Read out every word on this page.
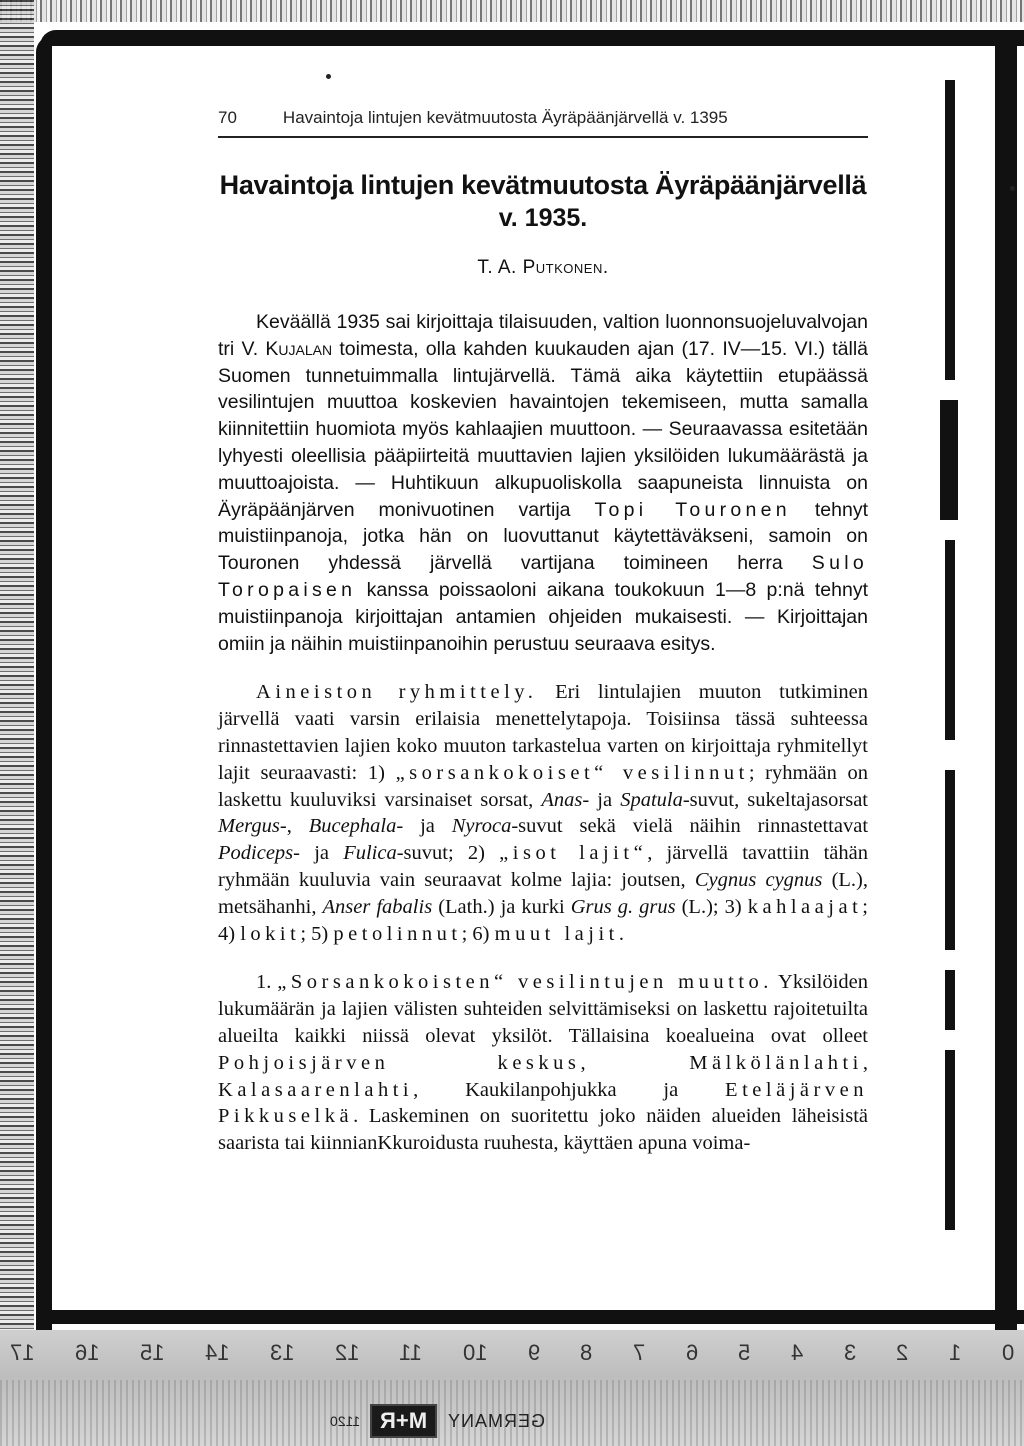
70	Havaintoja lintujen kevätmuutosta Äyräpäänjärvellä v. 1395
Havaintoja lintujen kevätmuutosta Äyräpäänjärvellä
v. 1935.
T. A. Putkonen.

Keväällä 1935 sai kirjoittaja tilaisuuden, valtion luonnonsuojeluvalvojan tri V. Kujalan toimesta, olla kahden kuukauden ajan (17. IV—15. VI.) tällä Suomen tunnetuimmalla lintujärvellä. Tämä aika käytettiin etupäässä vesilintujen muuttoa koskevien havaintojen tekemiseen, mutta samalla kiinnitettiin huomiota myös kahlaajien muuttoon. — Seuraavassa esitetään lyhyesti oleellisia pääpiirteitä muuttavien lajien yksilöiden lukumäärästä ja muuttoajoista. — Huhtikuun alkupuoliskolla saapuneista linnuista on Äyräpäänjärven monivuotinen vartija Topi Touronen tehnyt muistiinpanoja, jotka hän on luovuttanut käytettäväkseni, samoin on Touronen yhdessä järvellä vartijana toimineen herra Sulo Toropaisen kanssa poissaoloni aikana toukokuun 1—8 p:nä tehnyt muistiinpanoja kirjoittajan antamien ohjeiden mukaisesti. — Kirjoittajan omiin ja näihin muistiinpanoihin perustuu seuraava esitys.

Aineiston ryhmittely. Eri lintulajien muuton tutkiminen järvellä vaati varsin erilaisia menettelytapoja. Toisiinsa tässä suhteessa rinnastettavien lajien koko muuton tarkastelua varten on kirjoittaja ryhmitellyt lajit seuraavasti: 1) „sorsankokoiset“ vesilinnut; ryhmään on laskettu kuuluviksi varsinaiset sorsat, Anas- ja Spatula-suvut, sukeltajasorsat Mergus-, Bucephala- ja Nyroca-suvut sekä vielä näihin rinnastettavat Podiceps- ja Fulica-suvut; 2) „isot lajit“, järvellä tavattiin tähän ryhmään kuuluvia vain seuraavat kolme lajia: joutsen, Cygnus cygnus (L.), metsähanhi, Anser fabalis (Lath.) ja kurki Grus g. grus (L.); 3) kahlaajat; 4) lokit; 5) petolinnut; 6) muut lajit.

1. „Sorsankokoisten“ vesilintujen muutto. Yksilöiden lukumäärän ja lajien välisten suhteiden selvittämiseksi on laskettu rajoitetuilta alueilta kaikki niissä olevat yksilöt. Tällaisina koealueina ovat olleet Pohjoisjärven keskus, Mälkölänlahti, Kalasaarenlahti, Kaukilanpohjukka ja Eteläjärven Pikkuselkä. Laskeminen on suoritettu joko näiden alueiden läheisistä saarista tai kiinnianKkuroidusta ruuhesta, käyttäen apuna voima-

17 16 15 14 13 12 11 10 9 8 7 6 5 4 3 2 1 0
1120 M+R	GERMANY
